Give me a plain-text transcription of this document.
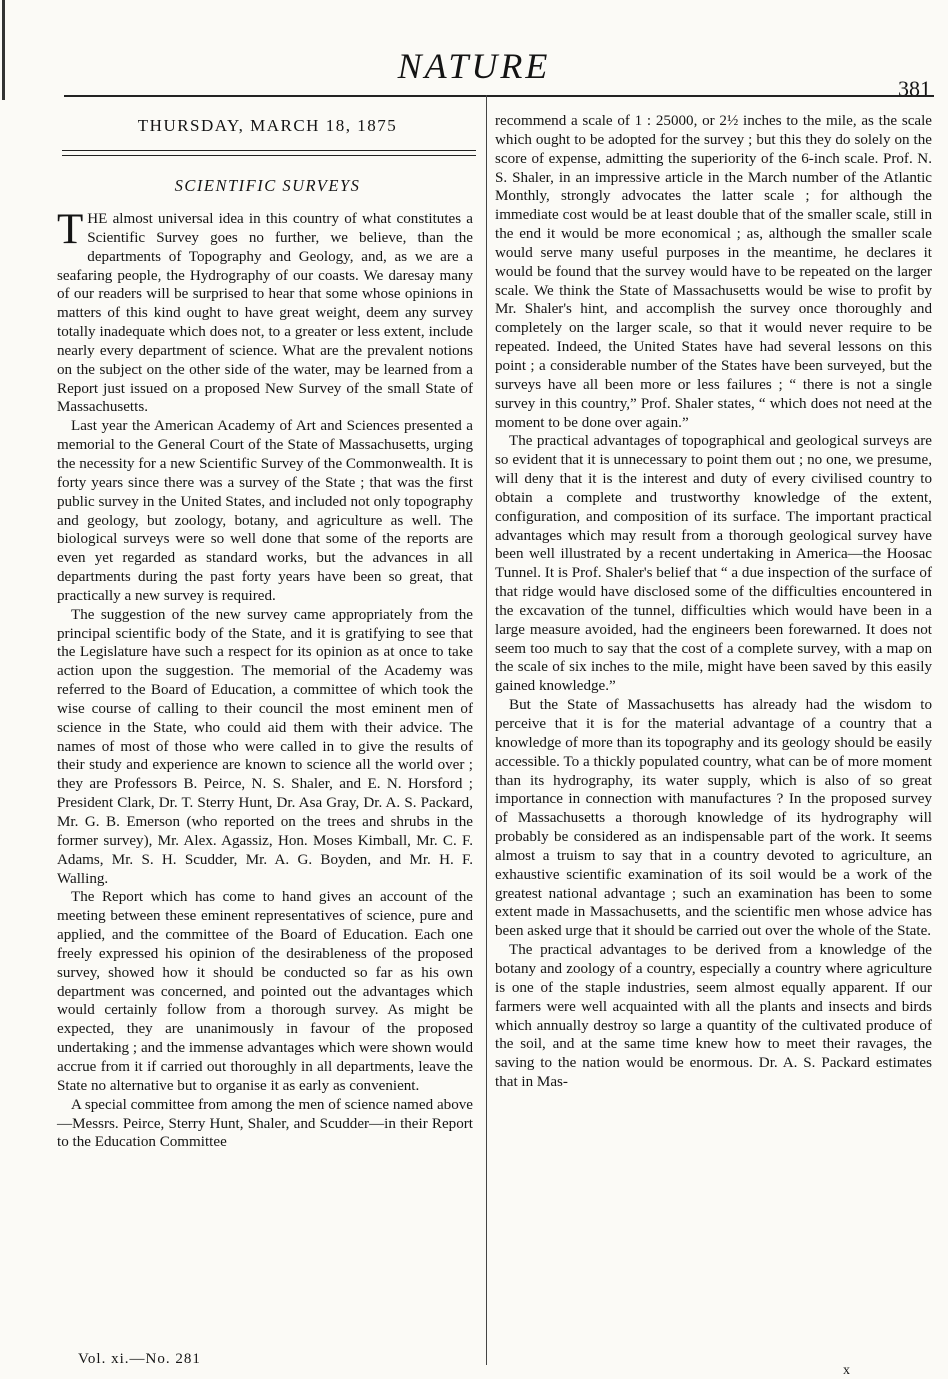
NATURE
381
THURSDAY, MARCH 18, 1875
SCIENTIFIC SURVEYS

THE almost universal idea in this country of what constitutes a Scientific Survey goes no further, we believe, than the departments of Topography and Geology, and, as we are a seafaring people, the Hydrography of our coasts. We daresay many of our readers will be surprised to hear that some whose opinions in matters of this kind ought to have great weight, deem any survey totally inadequate which does not, to a greater or less extent, include nearly every department of science. What are the prevalent notions on the subject on the other side of the water, may be learned from a Report just issued on a proposed New Survey of the small State of Massachusetts.

Last year the American Academy of Art and Sciences presented a memorial to the General Court of the State of Massachusetts, urging the necessity for a new Scientific Survey of the Commonwealth. It is forty years since there was a survey of the State ; that was the first public survey in the United States, and included not only topography and geology, but zoology, botany, and agriculture as well. The biological surveys were so well done that some of the reports are even yet regarded as standard works, but the advances in all departments during the past forty years have been so great, that practically a new survey is required.

The suggestion of the new survey came appropriately from the principal scientific body of the State, and it is gratifying to see that the Legislature have such a respect for its opinion as at once to take action upon the suggestion. The memorial of the Academy was referred to the Board of Education, a committee of which took the wise course of calling to their council the most eminent men of science in the State, who could aid them with their advice. The names of most of those who were called in to give the results of their study and experience are known to science all the world over ; they are Professors B. Peirce, N. S. Shaler, and E. N. Horsford ; President Clark, Dr. T. Sterry Hunt, Dr. Asa Gray, Dr. A. S. Packard, Mr. G. B. Emerson (who reported on the trees and shrubs in the former survey), Mr. Alex. Agassiz, Hon. Moses Kimball, Mr. C. F. Adams, Mr. S. H. Scudder, Mr. A. G. Boyden, and Mr. H. F. Walling.

The Report which has come to hand gives an account of the meeting between these eminent representatives of science, pure and applied, and the committee of the Board of Education. Each one freely expressed his opinion of the desirableness of the proposed survey, showed how it should be conducted so far as his own department was concerned, and pointed out the advantages which would certainly follow from a thorough survey. As might be expected, they are unanimously in favour of the proposed undertaking ; and the immense advantages which were shown would accrue from it if carried out thoroughly in all departments, leave the State no alternative but to organise it as early as convenient.

A special committee from among the men of science named above—Messrs. Peirce, Sterry Hunt, Shaler, and Scudder—in their Report to the Education Committee

recommend a scale of 1 : 25000, or 2½ inches to the mile, as the scale which ought to be adopted for the survey ; but this they do solely on the score of expense, admitting the superiority of the 6-inch scale. Prof. N. S. Shaler, in an impressive article in the March number of the Atlantic Monthly, strongly advocates the latter scale ; for although the immediate cost would be at least double that of the smaller scale, still in the end it would be more economical ; as, although the smaller scale would serve many useful purposes in the meantime, he declares it would be found that the survey would have to be repeated on the larger scale. We think the State of Massachusetts would be wise to profit by Mr. Shaler's hint, and accomplish the survey once thoroughly and completely on the larger scale, so that it would never require to be repeated. Indeed, the United States have had several lessons on this point ; a considerable number of the States have been surveyed, but the surveys have all been more or less failures ; “ there is not a single survey in this country,” Prof. Shaler states, “ which does not need at the moment to be done over again.”

The practical advantages of topographical and geological surveys are so evident that it is unnecessary to point them out ; no one, we presume, will deny that it is the interest and duty of every civilised country to obtain a complete and trustworthy knowledge of the extent, configuration, and composition of its surface. The important practical advantages which may result from a thorough geological survey have been well illustrated by a recent undertaking in America—the Hoosac Tunnel. It is Prof. Shaler's belief that “ a due inspection of the surface of that ridge would have disclosed some of the difficulties encountered in the excavation of the tunnel, difficulties which would have been in a large measure avoided, had the engineers been forewarned. It does not seem too much to say that the cost of a complete survey, with a map on the scale of six inches to the mile, might have been saved by this easily gained knowledge.”

But the State of Massachusetts has already had the wisdom to perceive that it is for the material advantage of a country that a knowledge of more than its topography and its geology should be easily accessible. To a thickly populated country, what can be of more moment than its hydrography, its water supply, which is also of so great importance in connection with manufactures ? In the proposed survey of Massachusetts a thorough knowledge of its hydrography will probably be considered as an indispensable part of the work. It seems almost a truism to say that in a country devoted to agriculture, an exhaustive scientific examination of its soil would be a work of the greatest national advantage ; such an examination has been to some extent made in Massachusetts, and the scientific men whose advice has been asked urge that it should be carried out over the whole of the State.

The practical advantages to be derived from a knowledge of the botany and zoology of a country, especially a country where agriculture is one of the staple industries, seem almost equally apparent. If our farmers were well acquainted with all the plants and insects and birds which annually destroy so large a quantity of the cultivated produce of the soil, and at the same time knew how to meet their ravages, the saving to the nation would be enormous. Dr. A. S. Packard estimates that in Mas-

Vol. xi.—No. 281
x
